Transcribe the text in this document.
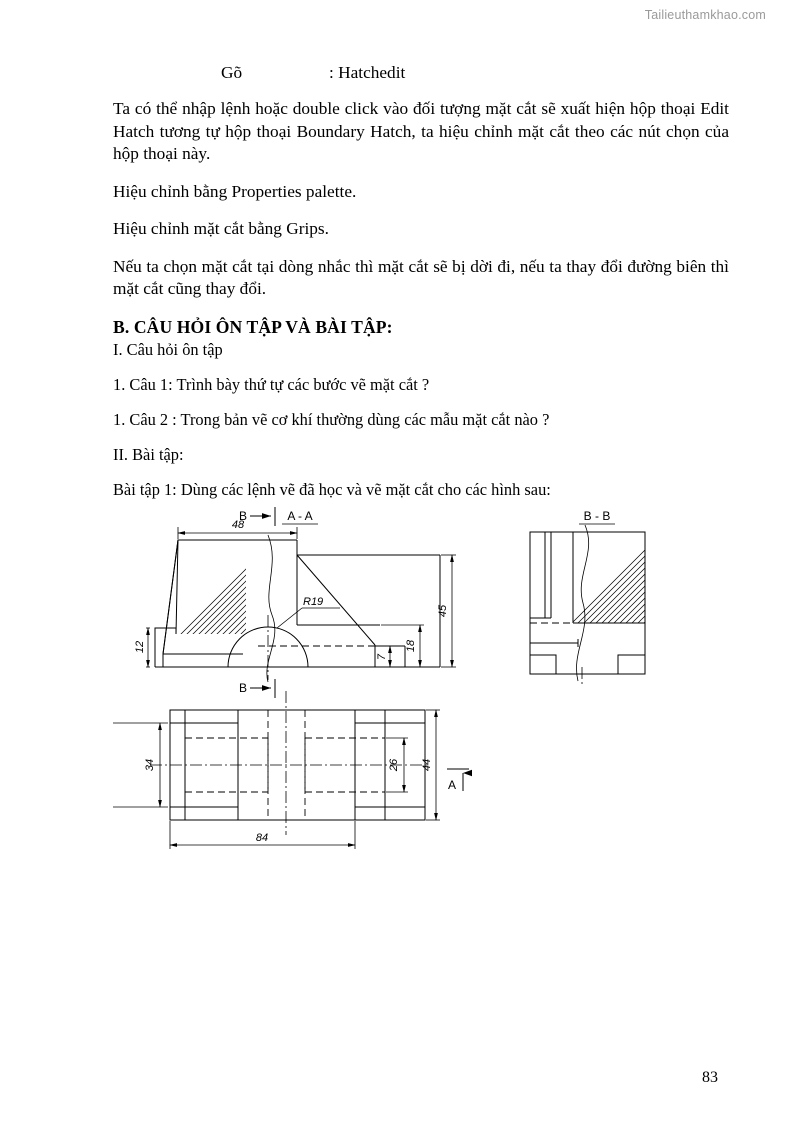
Tailieuthamkhao.com
Gõ	: Hatchedit

Ta có thể nhập lệnh hoặc double click vào đối tượng mặt cắt sẽ xuất hiện hộp thoại Edit Hatch tương tự hộp thoại Boundary Hatch, ta hiệu chỉnh mặt cắt theo các nút chọn của hộp thoại này.

Hiệu chỉnh bằng Properties palette.

Hiệu chỉnh mặt cắt bằng Grips.

Nếu ta chọn mặt cắt tại dòng nhắc thì mặt cắt sẽ bị dời đi, nếu ta thay đổi đường biên thì mặt cắt cũng thay đổi.

B. CÂU HỎI ÔN TẬP VÀ BÀI TẬP:

I. Câu hỏi ôn tập

1. Câu 1: Trình bày thứ tự các bước vẽ mặt cắt ?

1. Câu 2 : Trong bản vẽ cơ khí thường dùng các mẫu mặt cắt nào ?

II. Bài tập:

Bài tập 1: Dùng các lệnh vẽ đã học và vẽ mặt cắt cho các hình sau:

A - A
B
48
R19
12
45
18
7
B
B - B
34	26 44
84
A
83
